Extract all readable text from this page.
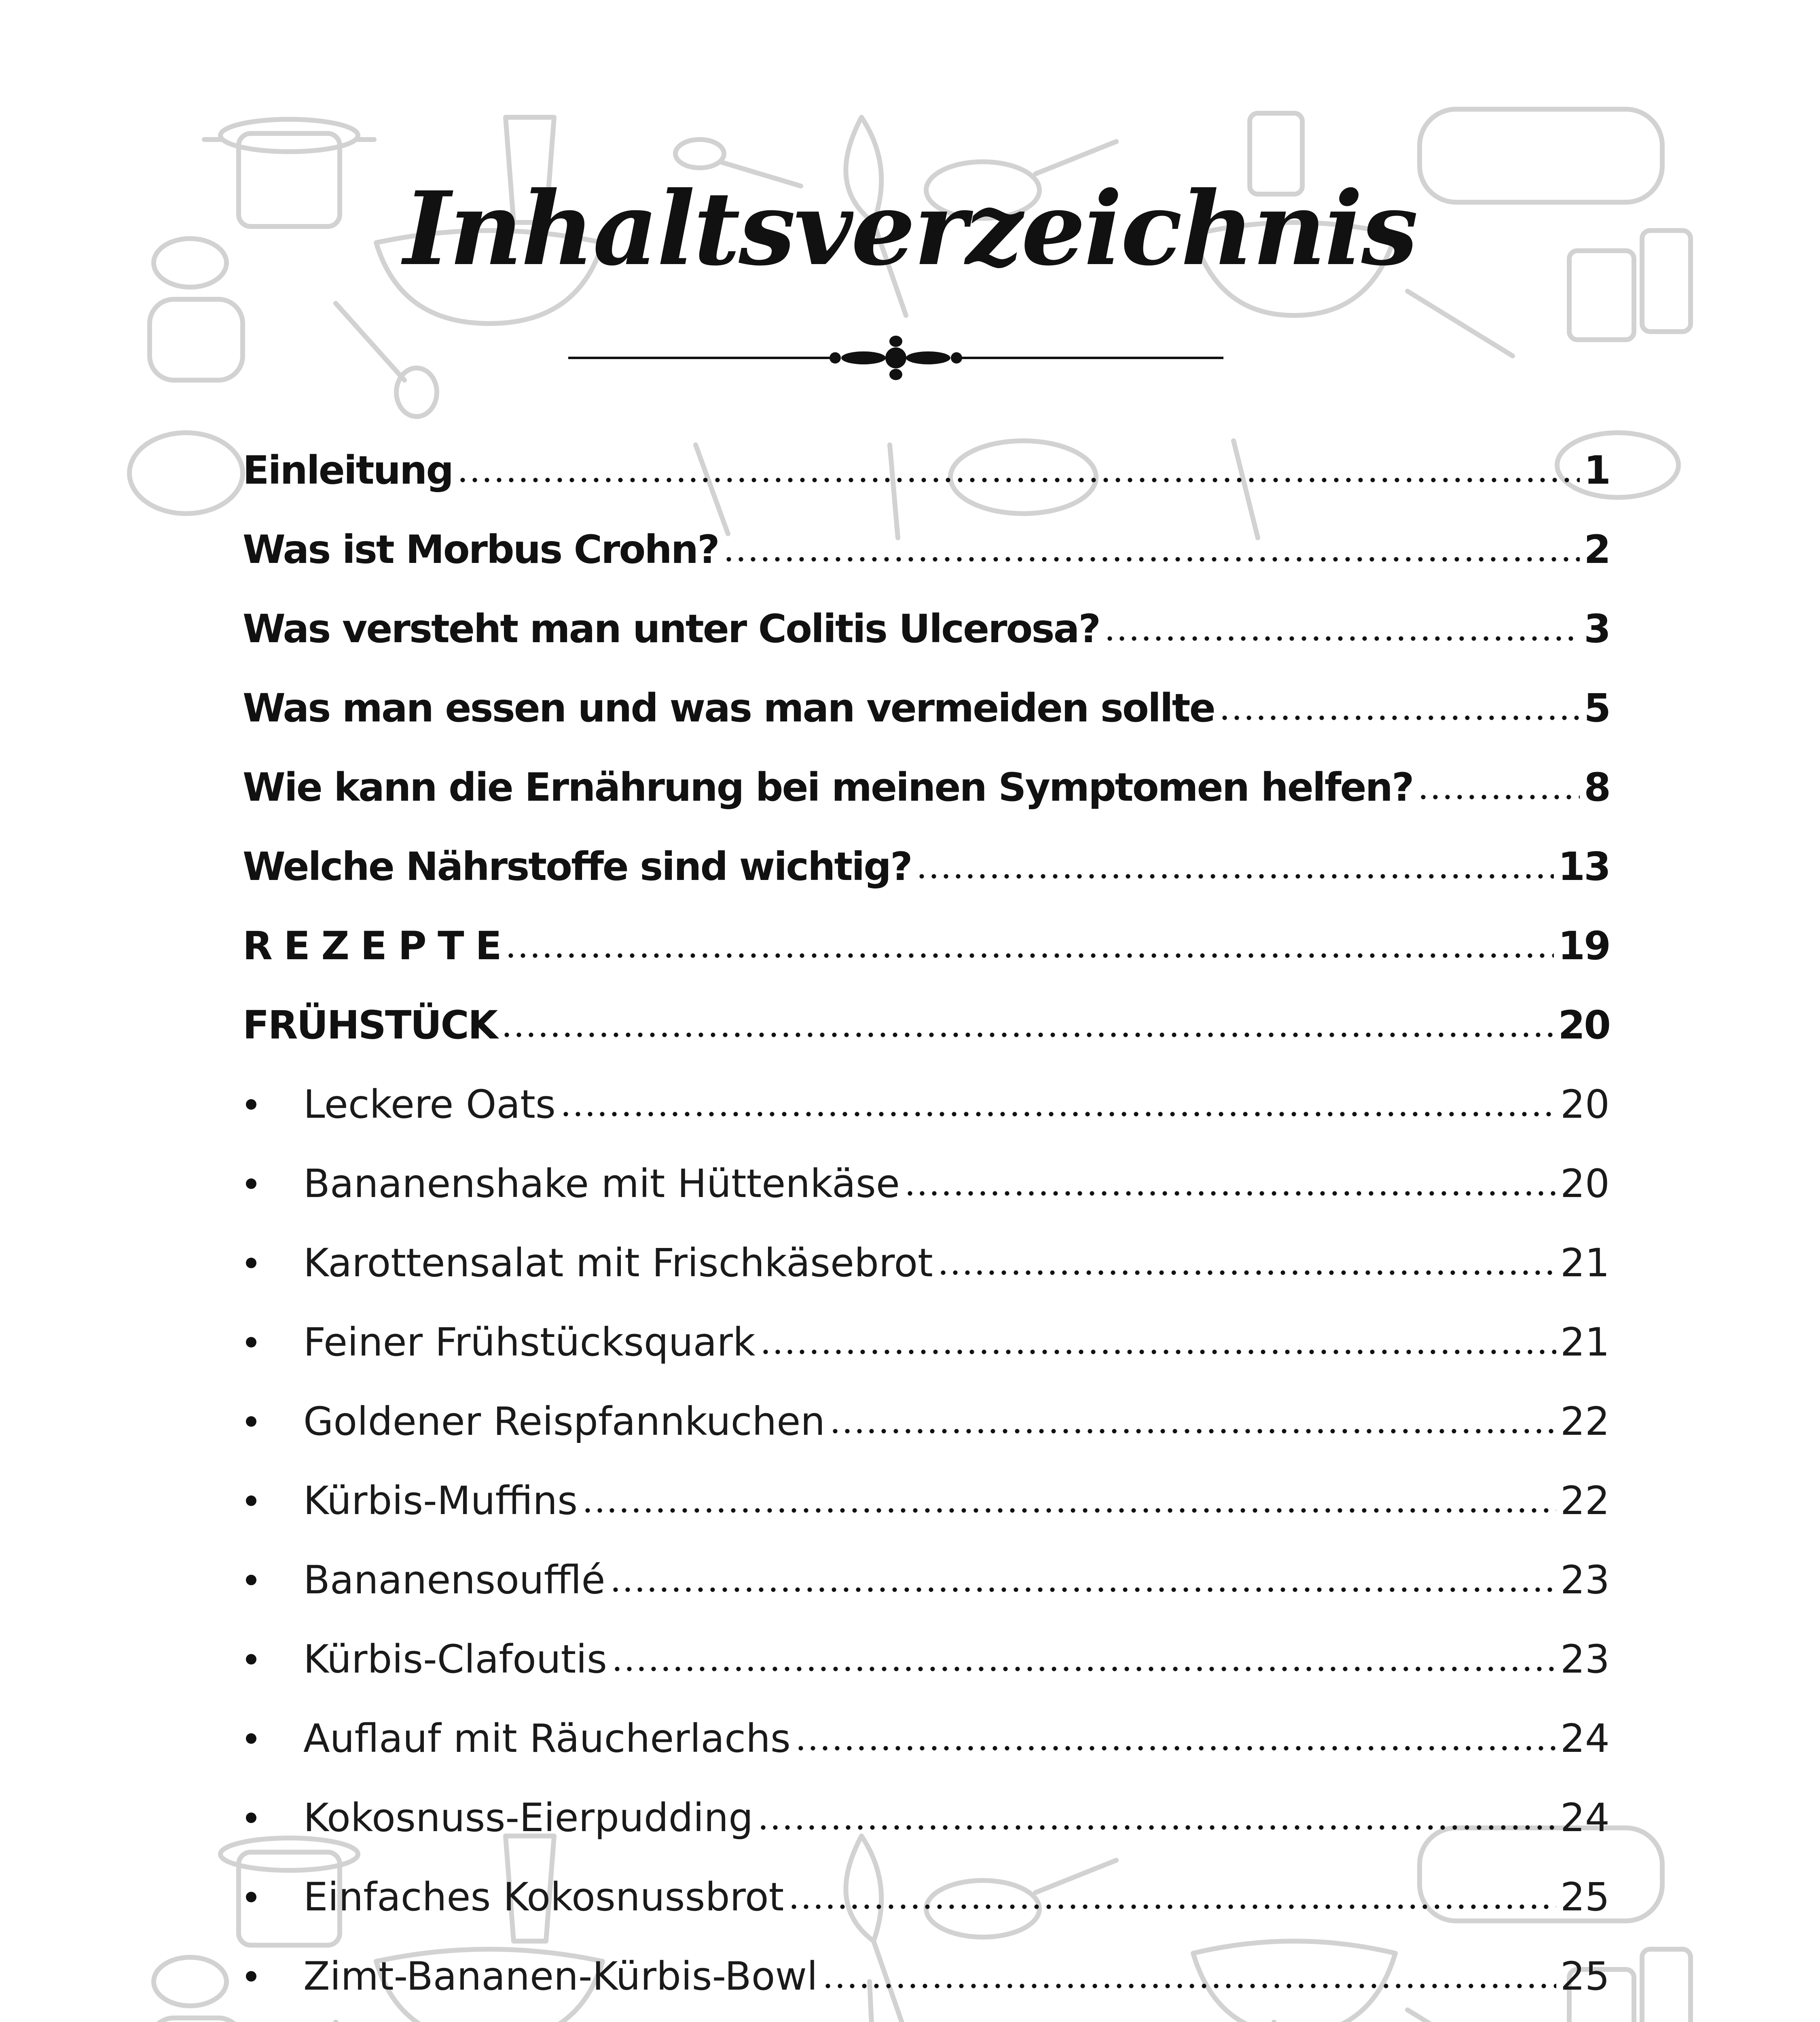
Inhaltsverzeichnis
Einleitung	1
Was ist Morbus Crohn?	2
Was versteht man unter Colitis Ulcerosa?	3
Was man essen und was man vermeiden sollte	5
Wie kann die Ernährung bei meinen Symptomen helfen?	8
Welche Nährstoffe sind wichtig?	13
R E Z E P T E	19
FRÜHSTÜCK	20
Leckere Oats	20
Bananenshake mit Hüttenkäse	20
Karottensalat mit Frischkäsebrot	21
Feiner Frühstücksquark	21
Goldener Reispfannkuchen	22
Kürbis-Muffins	22
Bananensoufflé	23
Kürbis-Clafoutis	23
Auflauf mit Räucherlachs	24
Kokosnuss-Eierpudding	24
Einfaches Kokosnussbrot	25
Zimt-Bananen-Kürbis-Bowl	25
